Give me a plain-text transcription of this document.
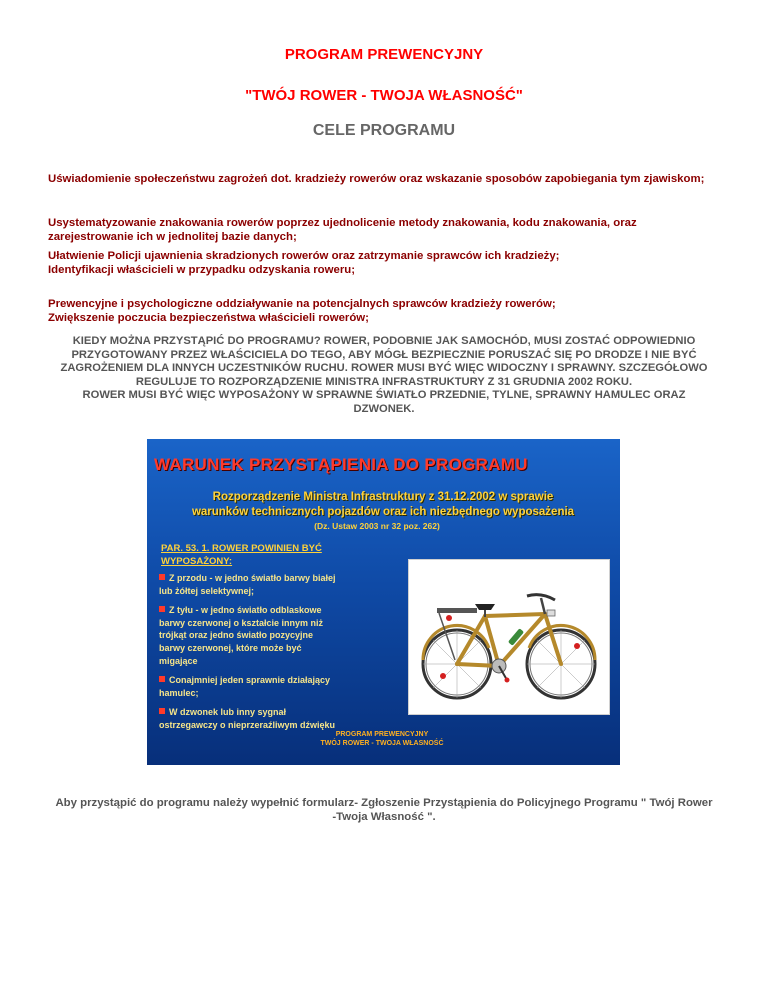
PROGRAM PREWENCYJNY

"TWÓJ ROWER - TWOJA WŁASNOŚĆ"

CELE PROGRAMU

Uświadomienie społeczeństwu zagrożeń dot. kradzieży rowerów oraz wskazanie sposobów zapobiegania tym zjawiskom;

Usystematyzowanie znakowania rowerów poprzez ujednolicenie metody znakowania, kodu znakowania, oraz
zarejestrowanie ich w jednolitej bazie danych;

Ułatwienie Policji ujawnienia skradzionych rowerów oraz zatrzymanie sprawców ich kradzieży;
Identyfikacji właścicieli w przypadku odzyskania roweru;

Prewencyjne i psychologiczne oddziaływanie na potencjalnych sprawców kradzieży rowerów;
Zwiększenie poczucia bezpieczeństwa właścicieli rowerów;

KIEDY MOŻNA PRZYSTĄPIĆ DO PROGRAMU? ROWER, PODOBNIE JAK SAMOCHÓD, MUSI ZOSTAĆ ODPOWIEDNIO
PRZYGOTOWANY PRZEZ WŁAŚCICIELA DO TEGO, ABY MÓGŁ BEZPIECZNIE PORUSZAĆ SIĘ PO DRODZE I NIE BYĆ
ZAGROŻENIEM DLA INNYCH UCZESTNIKÓW RUCHU. ROWER MUSI BYĆ WIĘC WIDOCZNY I SPRAWNY. SZCZEGÓŁOWO
REGULUJE TO ROZPORZĄDZENIE MINISTRA INFRASTRUKTURY Z 31 GRUDNIA 2002 ROKU.
ROWER MUSI BYĆ WIĘC WYPOSAŻONY W SPRAWNE ŚWIATŁO PRZEDNIE, TYLNE, SPRAWNY HAMULEC ORAZ
DZWONEK.

WARUNEK PRZYSTĄPIENIA DO PROGRAMU

Rozporządzenie Ministra Infrastruktury z 31.12.2002 w sprawie
warunków technicznych pojazdów oraz ich niezbędnego wyposażenia

(Dz. Ustaw 2003 nr 32 poz. 262)

PAR. 53. 1. ROWER POWINIEN BYĆ
WYPOSAŻONY:

Z przodu - w jedno światło barwy białej
lub żółtej selektywnej;
Z tyłu - w jedno światło odblaskowe
barwy czerwonej o kształcie innym niż
trójkąt oraz jedno światło pozycyjne
barwy czerwonej, które może być
migające
Conajmniej jeden sprawnie działający
hamulec;
W dzwonek lub inny sygnał
ostrzegawczy o nieprzeraźliwym dźwięku

PROGRAM PREWENCYJNY
TWÓJ ROWER - TWOJA WŁASNOŚĆ

Aby przystąpić do programu należy wypełnić formularz- Zgłoszenie Przystąpienia do Policyjnego Programu " Twój Rower
-Twoja Własność ".
